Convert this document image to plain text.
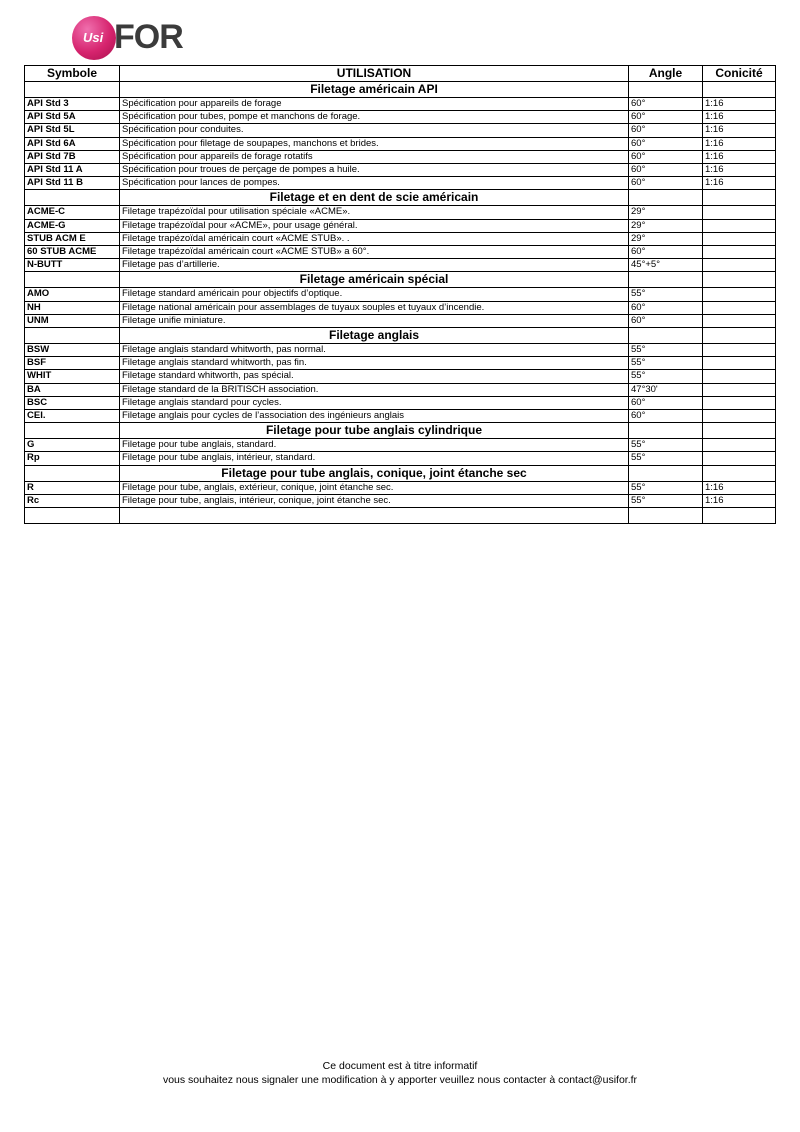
Usi FOR
Symbole	UTILISATION	Angle	Conicité
	Filetage américain API		
API Std 3	Spécification pour appareils de forage	60°	1:16
API Std 5A	Spécification pour tubes, pompe et manchons de forage.	60°	1:16
API Std 5L	Spécification pour conduites.	60°	1:16
API Std 6A	Spécification pour filetage de soupapes, manchons et brides.	60°	1:16
API Std 7B	Spécification pour appareils de forage rotatifs	60°	1:16
API Std 11 A	Spécification pour troues de perçage de pompes a huile.	60°	1:16
API Std 11 B	Spécification pour lances de pompes.	60°	1:16
	Filetage et en dent de scie américain		
ACME-C	Filetage trapézoïdal pour utilisation spéciale «ACME».	29°	
ACME-G	Filetage trapézoïdal pour «ACME», pour usage général.	29°	
STUB ACM E	Filetage trapézoïdal américain court «ACME STUB». .	29°	
60 STUB ACME	Filetage trapézoïdal américain court «ACME STUB» a 60°.	60°	
N-BUTT	Filetage pas d’artillerie.	45°+5°	
	Filetage américain spécial		
AMO	Filetage standard américain pour objectifs d’optique.	55°	
NH	Filetage national américain pour assemblages de tuyaux souples et tuyaux d’incendie.	60°	
UNM	Filetage unifie miniature.	60°	
	Filetage anglais		
BSW	Filetage anglais standard whitworth, pas normal.	55°	
BSF	Filetage anglais standard whitworth, pas fin.	55°	
WHIT	Filetage standard whitworth, pas spécial.	55°	
BA	Filetage standard de la BRITISCH association.	47°30'	
BSC	Filetage anglais standard pour cycles.	60°	
CEI.	Filetage anglais pour cycles de l’association des ingénieurs anglais	60°	
	Filetage pour tube anglais cylindrique		
G	Filetage pour tube anglais, standard.	55°	
Rp	Filetage pour tube anglais, intérieur, standard.	55°	
	Filetage pour tube anglais, conique, joint étanche sec		
R	Filetage pour tube, anglais, extérieur, conique, joint étanche sec.	55°	1:16
Rc	Filetage pour tube, anglais, intérieur, conique, joint étanche sec.	55°	1:16

Ce document est à titre informatif
vous souhaitez nous signaler une modification à y apporter veuillez nous contacter à contact@usifor.fr
